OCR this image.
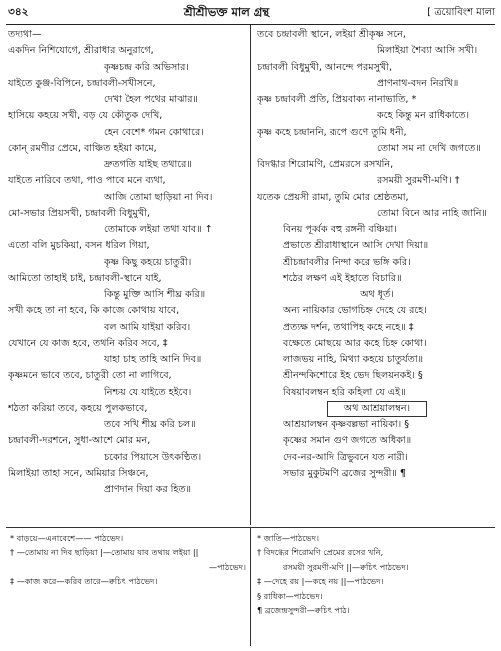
৩৪২	শ্রীশ্রীভক্ত মাল গ্রন্থ	[ ত্রয়োবিংশ মালা
তদ্যথা—
একদিন নিশিযোগে, শ্রীরাধার অনুরাগে,
কৃষ্ণচন্দ্র করি অভিসার।
যাইতে কুঞ্জ-বিপিনে, চন্দ্রাবলী-সখীসনে,
দেখা হৈল পথের মাঝার॥
হাসিয়ে কহয়ে সখী, বড় যে কৌতুক দেখি,
হেন বেশে* গমন কোথারে।
কোন্ রমণীর প্রেমে, বাঞ্চিত হইয়া কামে,
দ্রুতগতি যাইছ তথারে॥
যাইতে নারিবে তথা, পাও পাবে মনে ব্যথা,
আজি তোমা ছাড়িয়া না দিব।
মো-সভার প্রিয়সখী, চন্দ্রাবলী বিধুমুখী,
তোমাকে লইয়া তথা যাব॥ ↑
এতো বলি মুচকিয়া, বসন ধরিল গিয়া,
কৃষ্ণ কিছু কহয়ে চাতুরী।
আমিতো তাহাই চাই, চন্দ্রাবলী-স্থানে যাই,
কিন্তু মুক্তি আসি শীঘ্র করি॥
সখী কহে তা না হবে, কি কাজে কোথায় যাবে,
বল আমি যাইয়া করিব।
যেখানে যে কাজ হবে, তথনি করিব সবে, ‡
যাহা চাহ তাহি আনি দিব॥
কৃষ্ণমনে ভাবে তবে, চাতুরী তো না লাগিবে,
নিশ্চয় যে যাইতে হইবে।
শঠতা করিয়া তবে, কহয়ে পুলকভাবে,
তবে সখি শীঘ্র করি চল॥
চন্দ্রাবলী-দরশনে, সুধা-আশে মোর মন,
চকোর পিয়াসে উৎকণ্ঠিত।
মিলাইয়া তাহা সনে, অমিয়ার সিঞ্চনে,
প্রাণদান দিয়া কর হিত॥
তবে চন্দ্রাবলী স্থানে, লইয়া শ্রীকৃষ্ণ সনে,
মিলাইয়া শৈব্যা আসি সখী।
চন্দ্রাবলী বিধুমুখী, আনন্দে পরমসুখী,
প্রাণনাথ-বদন নিরখি॥
কৃষ্ণ চন্দ্রাবলী প্রতি, প্রিয়বাক্য নানাভাতি, *
কহে কিন্তু মন রাধিকাতে।
কৃষ্ণ কহে চন্দ্রাননি, রূপে গুণে তুমি ধনী,
তোমা সম না দেখি জগতে॥
বিদগ্ধার শিরোমণি, প্রেমরসে রসখনি,
রসময়ী সুরমণী-মণি। †
যতেক প্রেয়সী রামা, তুমি মোর শ্রেষ্ঠতমা,
তোমা বিনে আর নাহি জানি॥
বিনয় পূর্ব্বক বহু রঙ্গনী বঞ্চিয়া।
প্রভাতে শ্রীরাধাস্থানে আসি দেখা দিয়া॥
শ্রীচন্দ্রাবলীর নিন্দা করে ভঙ্গি করি।
শঠের লক্ষণ এই ইহাতে বিচারি॥
অথ ধূর্ত।
অন্য নায়িকার ভোগচিহ্ন দেহে যে রহে।
প্রত্যক্ষ দর্শন, তথাপিহ কহে নহে॥ ‡
বক্ষেতে মোছয়ে আর কহে চিহ্ন কোথা।
লাজভয় নাহি, মিথ্যা কহয়ে চাতুর্যতা॥
শ্রীনন্দকিশোরে ইহ ভেদ ছিলয়নকই। §
বিষয়াবলম্বন হরি কহিলা যে এই॥
অথ আশ্রয়ালম্বন।
আশ্রয়ালম্বন কৃষ্ণবল্লভা নায়িকা। §
কৃষ্ণের সমান গুণ জগতে অধিকা॥
দেব-নর-আদি ত্রিভুবনে যত নারী।
সভার মুকুটমণি ব্রজের সুন্দরী॥ ¶
* বাড়য়ে—এনাবেশে—— পাঠভেদ।
† —তোমায় না দিব ছাড়িয়া |—তোমায় যাব তথায় লইয়া ||
—পাঠভেদ।
‡ —কাজ করে—করিব তারে—ক্বচিৎ পাঠভেদ।
* জাতি—পাঠভেদ।
† বিদগ্ধের শিরোমণি প্রেমের রসের খনি,
রসময়ী সুরমণী-মণি ||—ক্বচিৎ পাঠভেদ।
‡ —দেহে রয় |—কহে নয় ||—পাঠভেদ।
§ রাধিকা—পাঠভেদ।
¶ ব্রজেন্দ্রসুন্দরী—ক্বচিৎ পাঠ।
